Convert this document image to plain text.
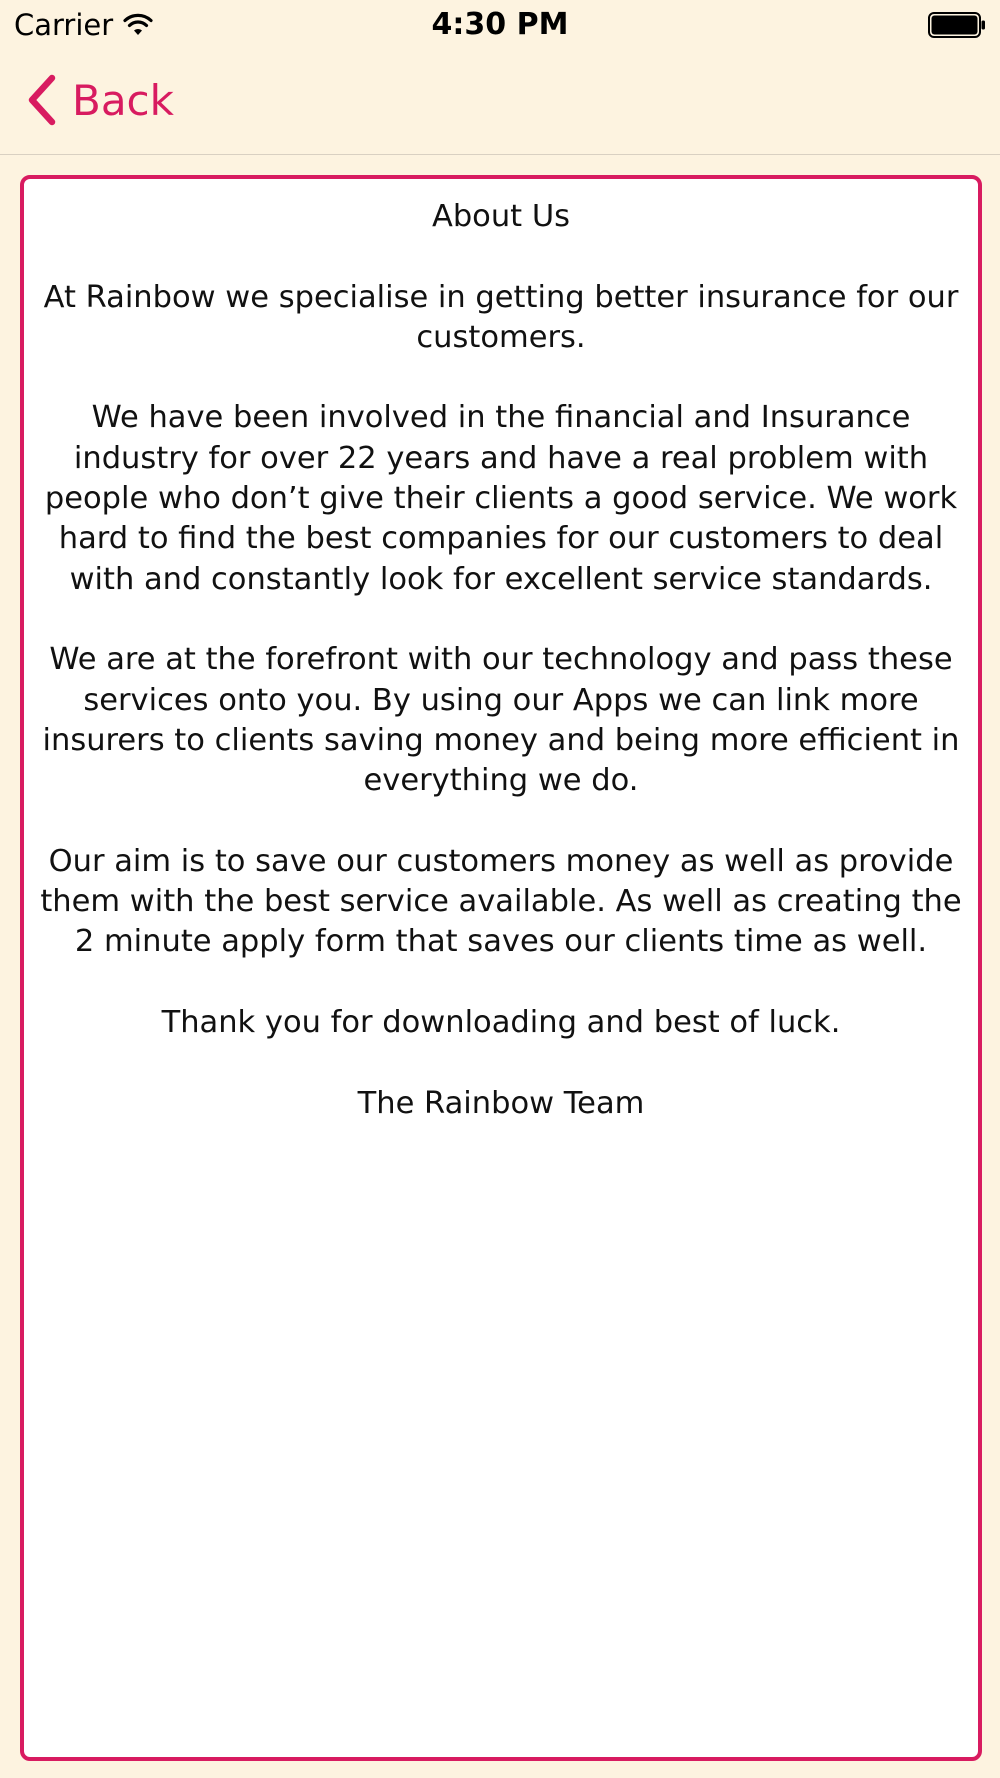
Carrier	4:30 PM
Back

About Us

At Rainbow we specialise in getting better insurance for our customers.

We have been involved in the financial and Insurance industry for over 22 years and have a real problem with people who don’t give their clients a good service. We work hard to find the best companies for our customers to deal with and constantly look for excellent service standards.

We are at the forefront with our technology and pass these services onto you. By using our Apps we can link more insurers to clients saving money and being more efficient in everything we do.

Our aim is to save our customers money as well as provide them with the best service available. As well as creating the 2 minute apply form that saves our clients time as well.

Thank you for downloading and best of luck.

The Rainbow Team
